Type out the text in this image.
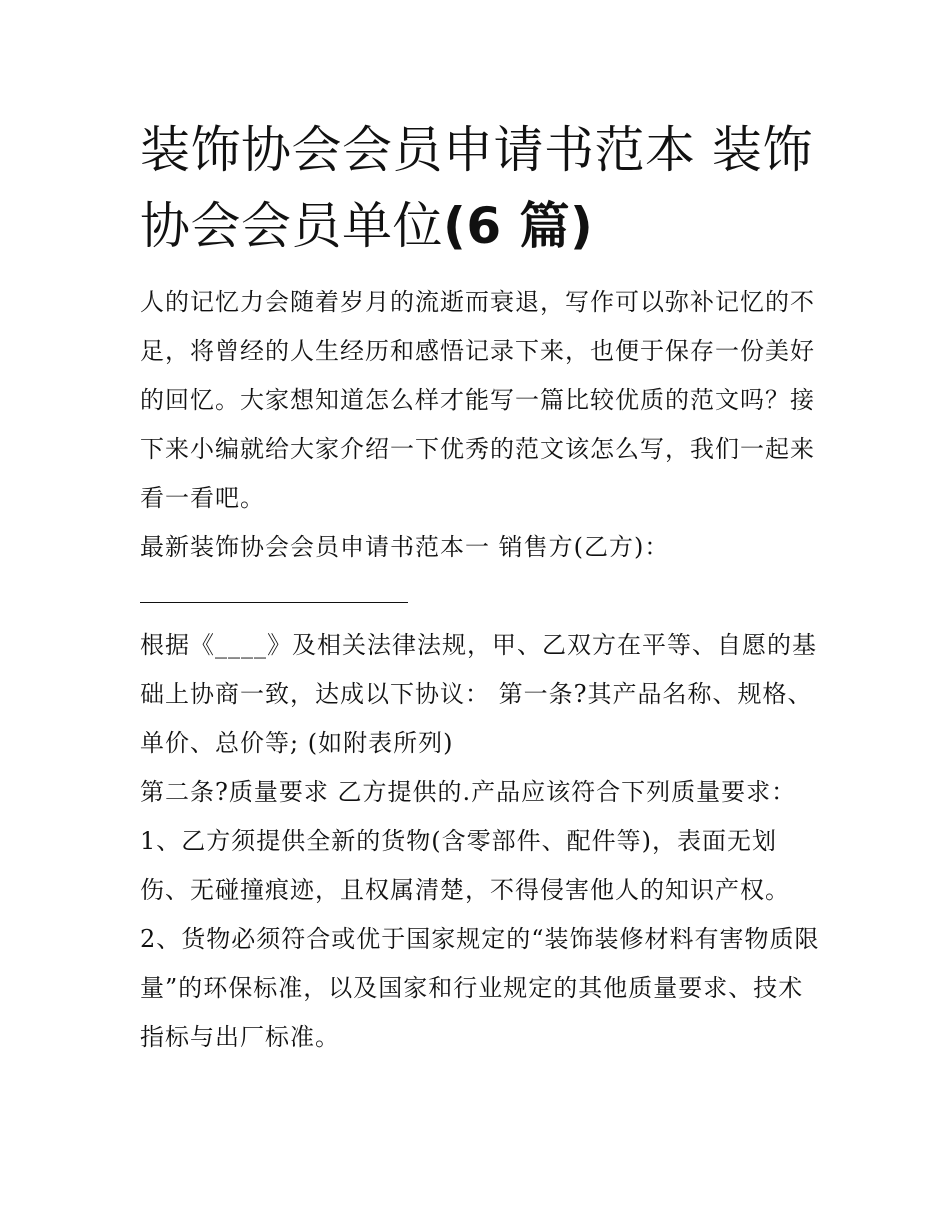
装饰协会会员申请书范本 装饰
协会会员单位(6 篇)
人的记忆力会随着岁月的流逝而衰退，写作可以弥补记忆的不
足，将曾经的人生经历和感悟记录下来，也便于保存一份美好
的回忆。大家想知道怎么样才能写一篇比较优质的范文吗？接
下来小编就给大家介绍一下优秀的范文该怎么写，我们一起来
看一看吧。
最新装饰协会会员申请书范本一 销售方(乙方)：
根据《____》及相关法律法规，甲、乙双方在平等、自愿的基
础上协商一致，达成以下协议： 第一条?其产品名称、规格、
单价、总价等; (如附表所列)
第二条?质量要求 乙方提供的.产品应该符合下列质量要求：
1、乙方须提供全新的货物(含零部件、配件等)，表面无划
伤、无碰撞痕迹，且权属清楚，不得侵害他人的知识产权。
2、货物必须符合或优于国家规定的“装饰装修材料有害物质限
量”的环保标准，以及国家和行业规定的其他质量要求、技术
指标与出厂标准。
